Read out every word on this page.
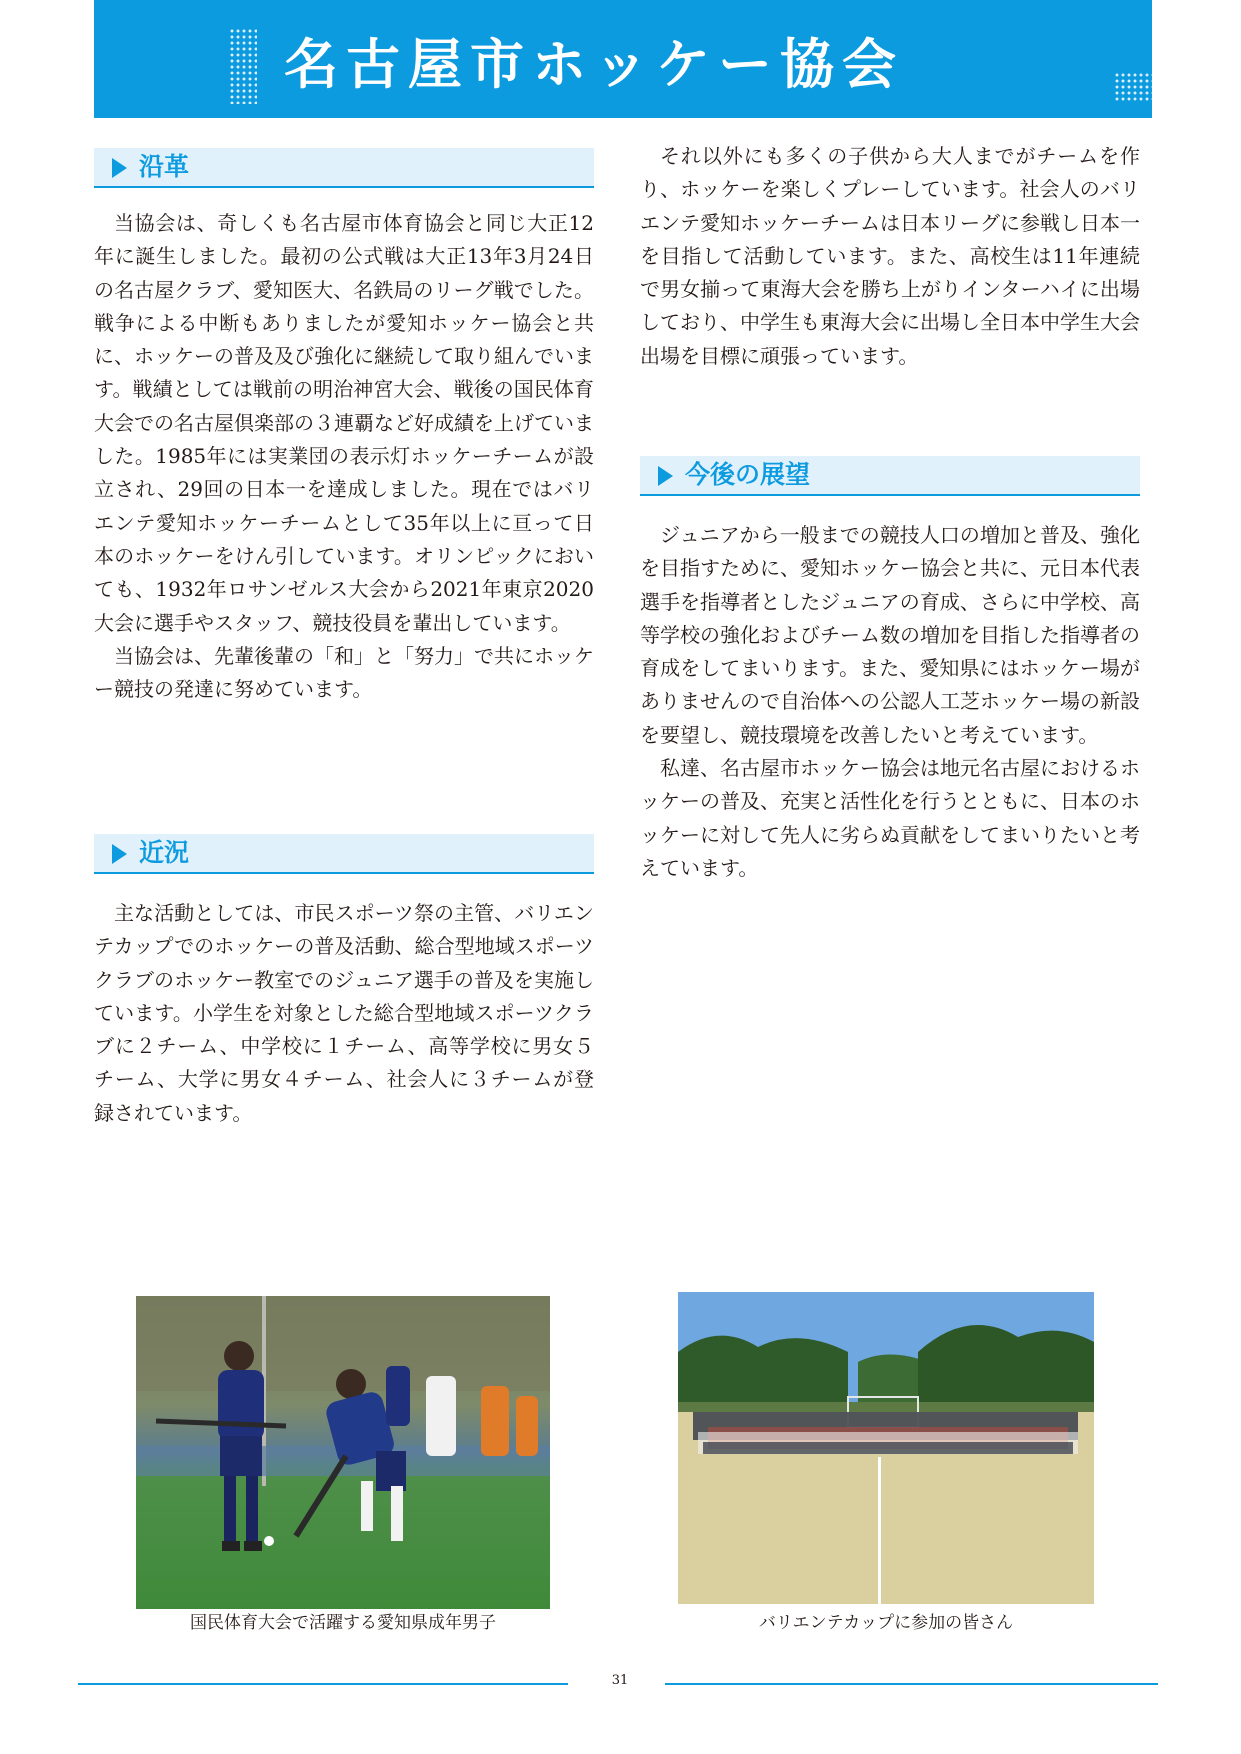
名古屋市ホッケー協会
沿革

当協会は、奇しくも名古屋市体育協会と同じ大正12年に誕生しました。最初の公式戦は大正13年3月24日の名古屋クラブ、愛知医大、名鉄局のリーグ戦でした。戦争による中断もありましたが愛知ホッケー協会と共に、ホッケーの普及及び強化に継続して取り組んでいます。戦績としては戦前の明治神宮大会、戦後の国民体育大会での名古屋倶楽部の３連覇など好成績を上げていました。1985年には実業団の表示灯ホッケーチームが設立され、29回の日本一を達成しました。現在ではバリエンテ愛知ホッケーチームとして35年以上に亘って日本のホッケーをけん引しています。オリンピックにおいても、1932年ロサンゼルス大会から2021年東京2020大会に選手やスタッフ、競技役員を輩出しています。

当協会は、先輩後輩の「和」と「努力」で共にホッケー競技の発達に努めています。

近況

主な活動としては、市民スポーツ祭の主管、バリエンテカップでのホッケーの普及活動、総合型地域スポーツクラブのホッケー教室でのジュニア選手の普及を実施しています。小学生を対象とした総合型地域スポーツクラブに２チーム、中学校に１チーム、高等学校に男女５チーム、大学に男女４チーム、社会人に３チームが登録されています。

それ以外にも多くの子供から大人までがチームを作り、ホッケーを楽しくプレーしています。社会人のバリエンテ愛知ホッケーチームは日本リーグに参戦し日本一を目指して活動しています。また、高校生は11年連続で男女揃って東海大会を勝ち上がりインターハイに出場しており、中学生も東海大会に出場し全日本中学生大会出場を目標に頑張っています。

今後の展望

ジュニアから一般までの競技人口の増加と普及、強化を目指すために、愛知ホッケー協会と共に、元日本代表選手を指導者としたジュニアの育成、さらに中学校、高等学校の強化およびチーム数の増加を目指した指導者の育成をしてまいります。また、愛知県にはホッケー場がありませんので自治体への公認人工芝ホッケー場の新設を要望し、競技環境を改善したいと考えています。

私達、名古屋市ホッケー協会は地元名古屋におけるホッケーの普及、充実と活性化を行うとともに、日本のホッケーに対して先人に劣らぬ貢献をしてまいりたいと考えています。

国民体育大会で活躍する愛知県成年男子	バリエンテカップに参加の皆さん
31
